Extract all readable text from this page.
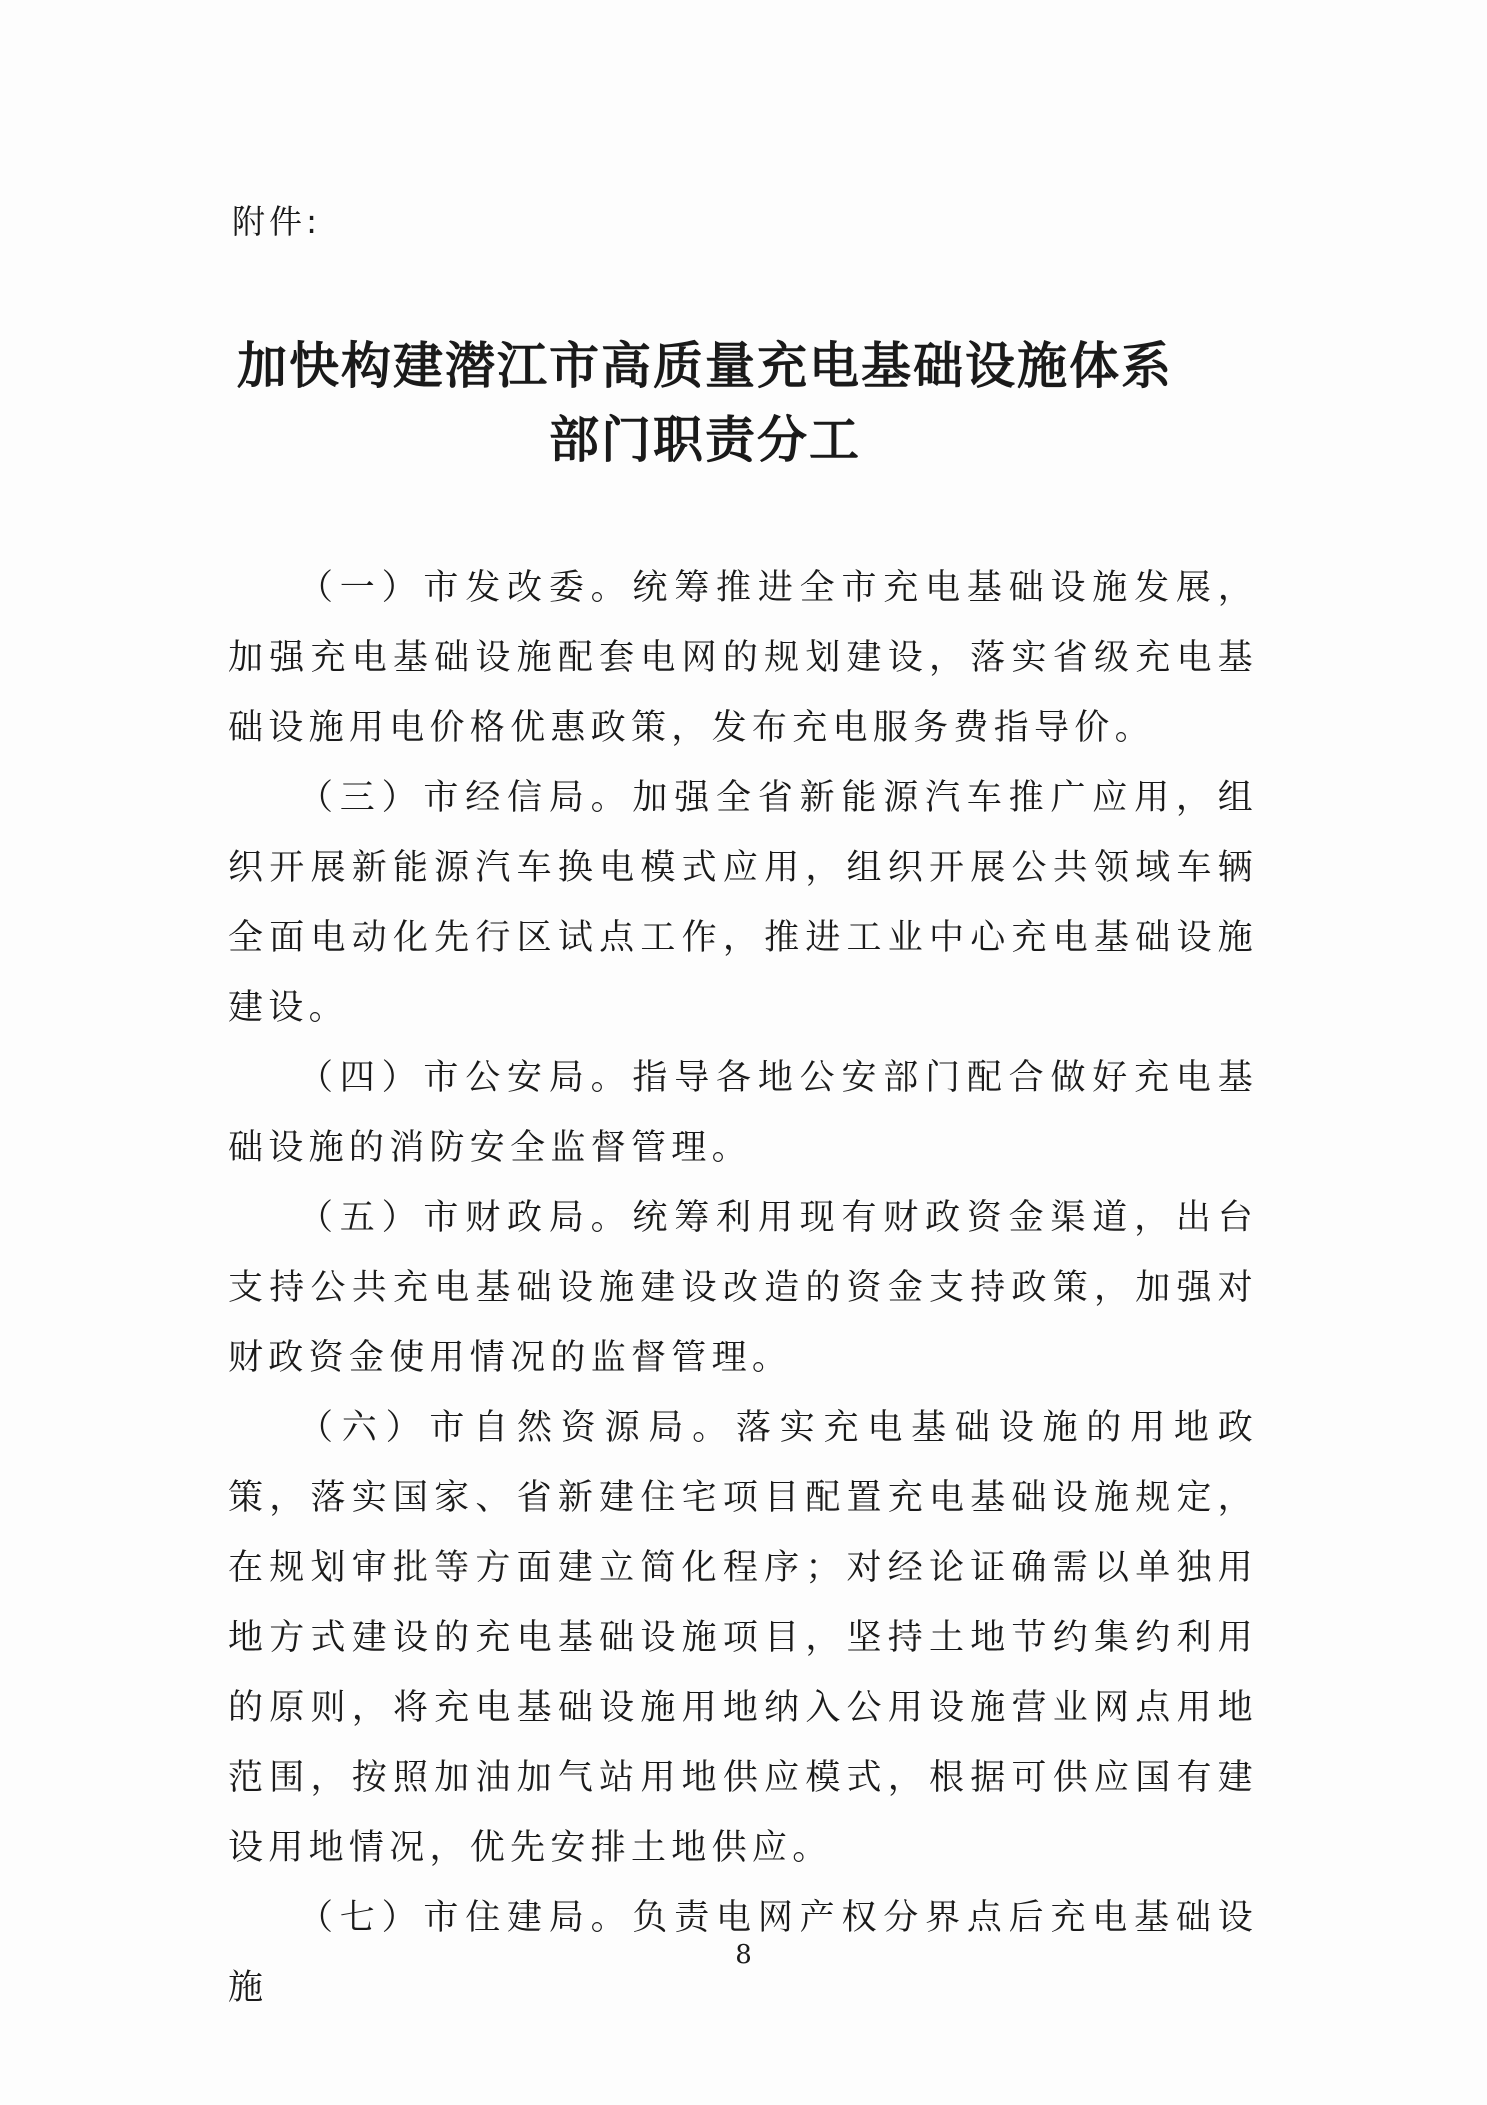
附件:
加快构建潜江市高质量充电基础设施体系
部门职责分工

（一）市发改委。统筹推进全市充电基础设施发展，加强充电基础设施配套电网的规划建设，落实省级充电基础设施用电价格优惠政策，发布充电服务费指导价。

（三）市经信局。加强全省新能源汽车推广应用，组织开展新能源汽车换电模式应用，组织开展公共领域车辆全面电动化先行区试点工作，推进工业中心充电基础设施建设。

（四）市公安局。指导各地公安部门配合做好充电基础设施的消防安全监督管理。

（五）市财政局。统筹利用现有财政资金渠道，出台支持公共充电基础设施建设改造的资金支持政策，加强对财政资金使用情况的监督管理。

（六）市自然资源局。落实充电基础设施的用地政策，落实国家、省新建住宅项目配置充电基础设施规定，在规划审批等方面建立简化程序；对经论证确需以单独用地方式建设的充电基础设施项目，坚持土地节约集约利用的原则，将充电基础设施用地纳入公用设施营业网点用地范围，按照加油加气站用地供应模式，根据可供应国有建设用地情况，优先安排土地供应。

（七）市住建局。负责电网产权分界点后充电基础设施

8
